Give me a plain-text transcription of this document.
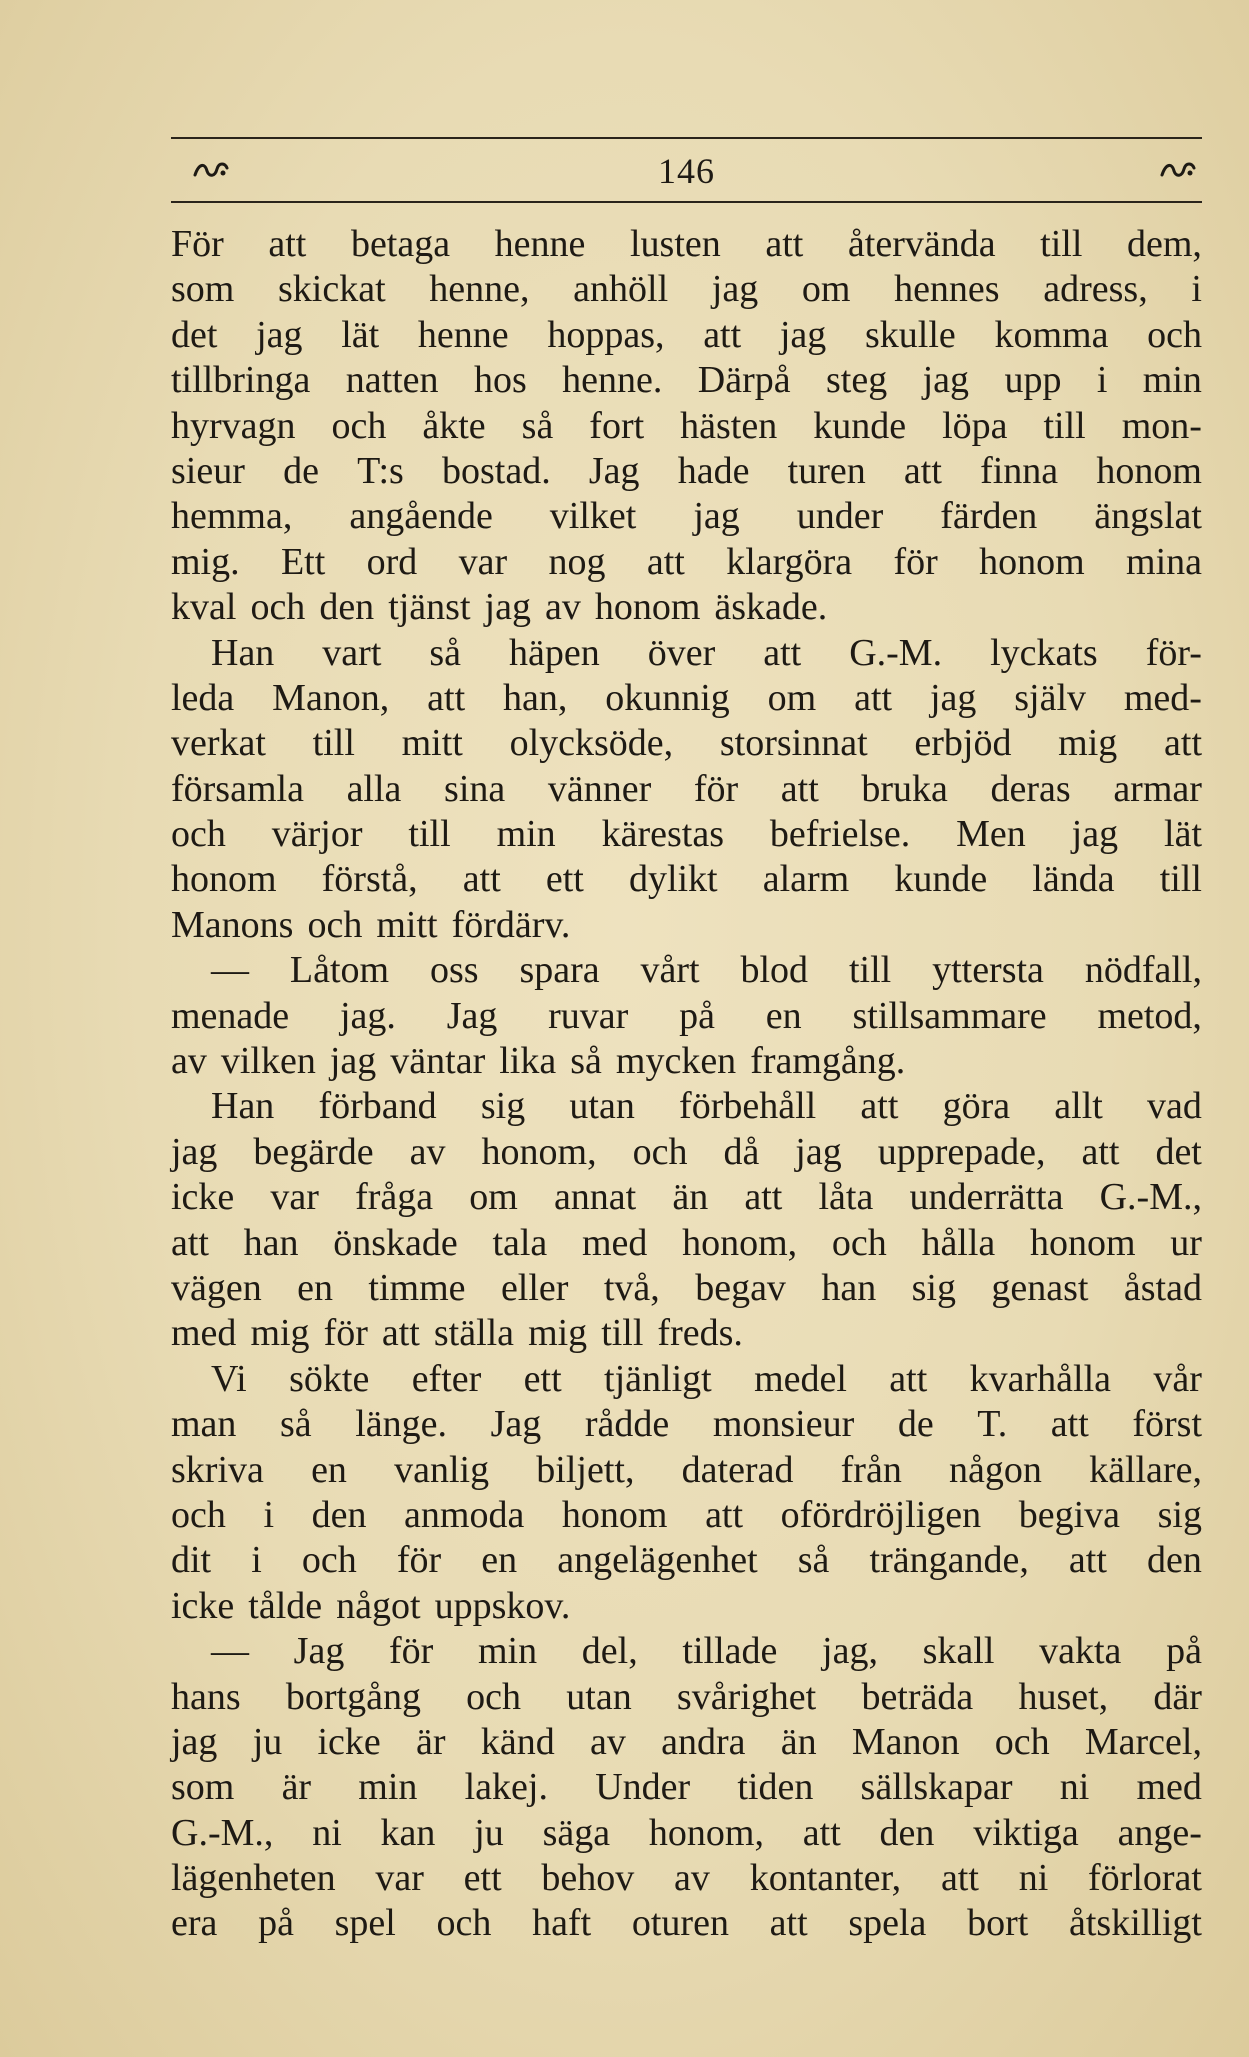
146
För att betaga henne lusten att återvända till dem,
som skickat henne, anhöll jag om hennes adress, i
det jag lät henne hoppas, att jag skulle komma och
tillbringa natten hos henne. Därpå steg jag upp i min
hyrvagn och åkte så fort hästen kunde löpa till mon-
sieur de T:s bostad. Jag hade turen att finna honom
hemma, angående vilket jag under färden ängslat
mig. Ett ord var nog att klargöra för honom mina
kval och den tjänst jag av honom äskade.
Han vart så häpen över att G.-M. lyckats för-
leda Manon, att han, okunnig om att jag själv med-
verkat till mitt olycksöde, storsinnat erbjöd mig att
församla alla sina vänner för att bruka deras armar
och värjor till min kärestas befrielse. Men jag lät
honom förstå, att ett dylikt alarm kunde lända till
Manons och mitt fördärv.
— Låtom oss spara vårt blod till yttersta nödfall,
menade jag. Jag ruvar på en stillsammare metod,
av vilken jag väntar lika så mycken framgång.
Han förband sig utan förbehåll att göra allt vad
jag begärde av honom, och då jag upprepade, att det
icke var fråga om annat än att låta underrätta G.-M.,
att han önskade tala med honom, och hålla honom ur
vägen en timme eller två, begav han sig genast åstad
med mig för att ställa mig till freds.
Vi sökte efter ett tjänligt medel att kvarhålla vår
man så länge. Jag rådde monsieur de T. att först
skriva en vanlig biljett, daterad från någon källare,
och i den anmoda honom att ofördröjligen begiva sig
dit i och för en angelägenhet så trängande, att den
icke tålde något uppskov.
— Jag för min del, tillade jag, skall vakta på
hans bortgång och utan svårighet beträda huset, där
jag ju icke är känd av andra än Manon och Marcel,
som är min lakej. Under tiden sällskapar ni med
G.-M., ni kan ju säga honom, att den viktiga ange-
lägenheten var ett behov av kontanter, att ni förlorat
era på spel och haft oturen att spela bort åtskilligt
